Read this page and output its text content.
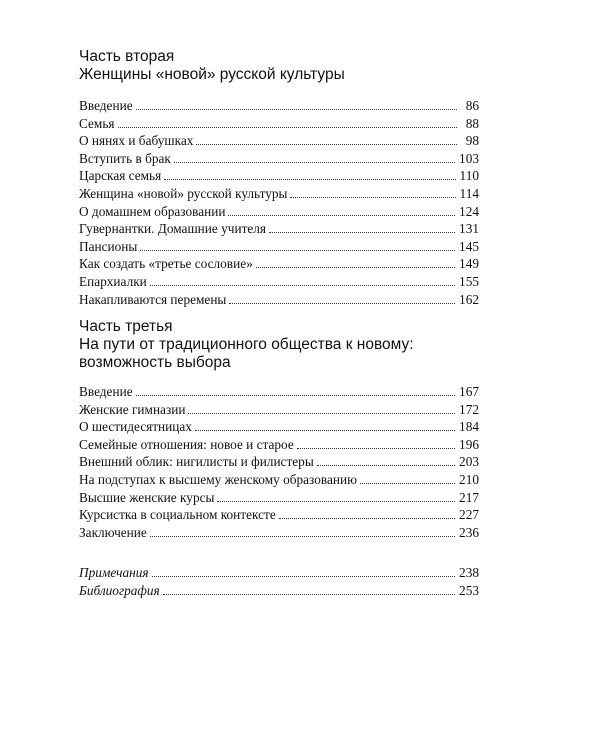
Часть вторая
Женщины «новой» русской культуры
Введение	86
Семья	88
О нянях и бабушках	98
Вступить в брак	103
Царская семья	110
Женщина «новой» русской культуры	114
О домашнем образовании	124
Гувернантки. Домашние учителя	131
Пансионы	145
Как создать «третье сословие»	149
Епархиалки	155
Накапливаются перемены	162
Часть третья
На пути от традиционного общества к новому:
возможность выбора
Введение	167
Женские гимназии	172
О шестидесятницах	184
Семейные отношения: новое и старое	196
Внешний облик: нигилисты и филистеры	203
На подступах к высшему женскому образованию	210
Высшие женские курсы	217
Курсистка в социальном контексте	227
Заключение	236
Примечания	238
Библиография	253
